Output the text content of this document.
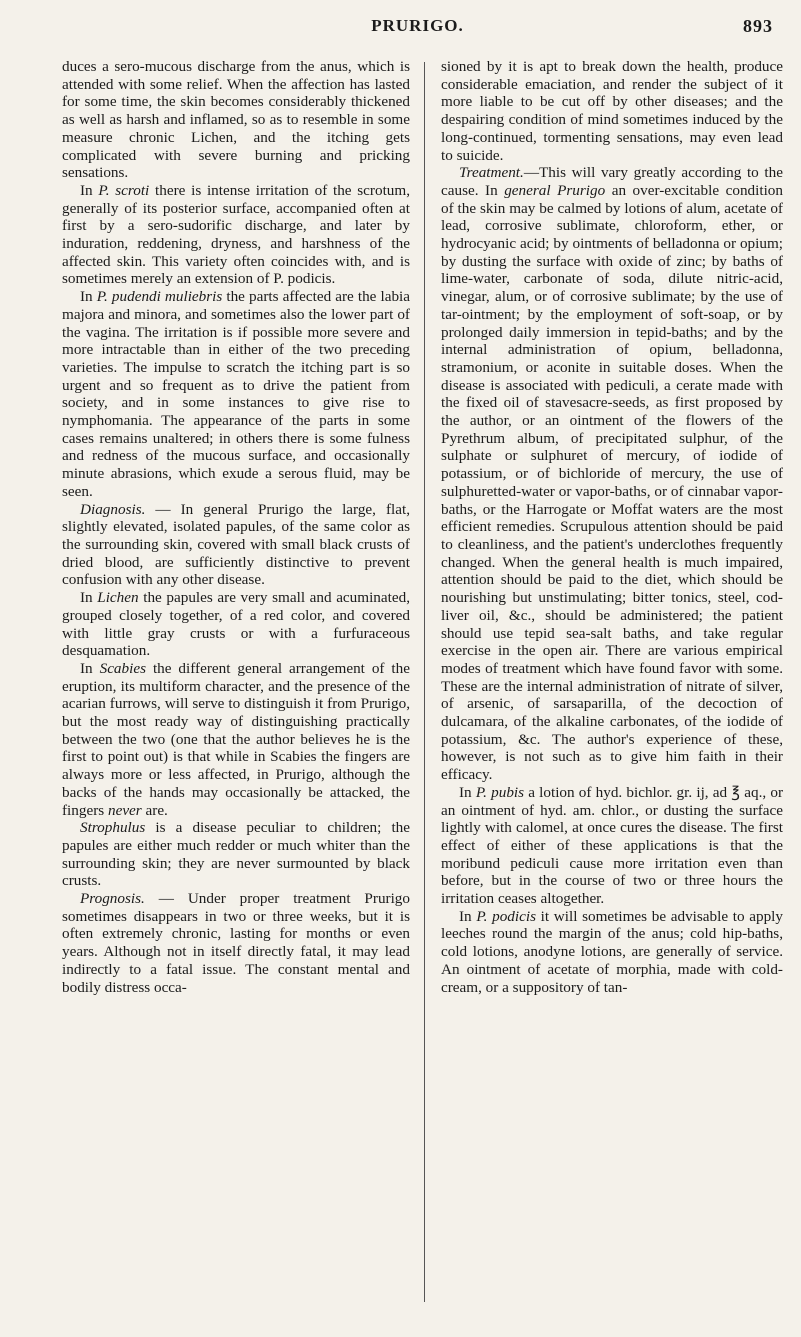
PRURIGO.	893

duces a sero-mucous discharge from the anus, which is attended with some relief. When the affection has lasted for some time, the skin becomes considerably thickened as well as harsh and inflamed, so as to resemble in some measure chronic Lichen, and the itching gets complicated with severe burning and pricking sensations.

In P. scroti there is intense irritation of the scrotum, generally of its posterior surface, accompanied often at first by a sero-sudorific discharge, and later by induration, reddening, dryness, and harshness of the affected skin. This variety often coincides with, and is sometimes merely an extension of P. podicis.

In P. pudendi muliebris the parts affected are the labia majora and minora, and sometimes also the lower part of the vagina. The irritation is if possible more severe and more intractable than in either of the two preceding varieties. The impulse to scratch the itching part is so urgent and so frequent as to drive the patient from society, and in some instances to give rise to nymphomania. The appearance of the parts in some cases remains unaltered; in others there is some fulness and redness of the mucous surface, and occasionally minute abrasions, which exude a serous fluid, may be seen.

Diagnosis. — In general Prurigo the large, flat, slightly elevated, isolated papules, of the same color as the surrounding skin, covered with small black crusts of dried blood, are sufficiently distinctive to prevent confusion with any other disease.

In Lichen the papules are very small and acuminated, grouped closely together, of a red color, and covered with little gray crusts or with a furfuraceous desquamation.

In Scabies the different general arrangement of the eruption, its multiform character, and the presence of the acarian furrows, will serve to distinguish it from Prurigo, but the most ready way of distinguishing practically between the two (one that the author believes he is the first to point out) is that while in Scabies the fingers are always more or less affected, in Prurigo, although the backs of the hands may occasionally be attacked, the fingers never are.

Strophulus is a disease peculiar to children; the papules are either much redder or much whiter than the surrounding skin; they are never surmounted by black crusts.

Prognosis. — Under proper treatment Prurigo sometimes disappears in two or three weeks, but it is often extremely chronic, lasting for months or even years. Although not in itself directly fatal, it may lead indirectly to a fatal issue. The constant mental and bodily distress occa-

sioned by it is apt to break down the health, produce considerable emaciation, and render the subject of it more liable to be cut off by other diseases; and the despairing condition of mind sometimes induced by the long-continued, tormenting sensations, may even lead to suicide.

Treatment.—This will vary greatly according to the cause. In general Prurigo an over-excitable condition of the skin may be calmed by lotions of alum, acetate of lead, corrosive sublimate, chloroform, ether, or hydrocyanic acid; by ointments of belladonna or opium; by dusting the surface with oxide of zinc; by baths of lime-water, carbonate of soda, dilute nitric-acid, vinegar, alum, or of corrosive sublimate; by the use of tar-ointment; by the employment of soft-soap, or by prolonged daily immersion in tepid-baths; and by the internal administration of opium, belladonna, stramonium, or aconite in suitable doses. When the disease is associated with pediculi, a cerate made with the fixed oil of stavesacre-seeds, as first proposed by the author, or an ointment of the flowers of the Pyrethrum album, of precipitated sulphur, of the sulphate or sulphuret of mercury, of iodide of potassium, or of bichloride of mercury, the use of sulphuretted-water or vapor-baths, or of cinnabar vapor-baths, or the Harrogate or Moffat waters are the most efficient remedies. Scrupulous attention should be paid to cleanliness, and the patient's underclothes frequently changed. When the general health is much impaired, attention should be paid to the diet, which should be nourishing but unstimulating; bitter tonics, steel, cod-liver oil, &c., should be administered; the patient should use tepid sea-salt baths, and take regular exercise in the open air. There are various empirical modes of treatment which have found favor with some. These are the internal administration of nitrate of silver, of arsenic, of sarsaparilla, of the decoction of dulcamara, of the alkaline carbonates, of the iodide of potassium, &c. The author's experience of these, however, is not such as to give him faith in their efficacy.

In P. pubis a lotion of hyd. bichlor. gr. ij, ad ℥ aq., or an ointment of hyd. am. chlor., or dusting the surface lightly with calomel, at once cures the disease. The first effect of either of these applications is that the moribund pediculi cause more irritation even than before, but in the course of two or three hours the irritation ceases altogether.

In P. podicis it will sometimes be advisable to apply leeches round the margin of the anus; cold hip-baths, cold lotions, anodyne lotions, are generally of service. An ointment of acetate of morphia, made with cold-cream, or a suppository of tan-
